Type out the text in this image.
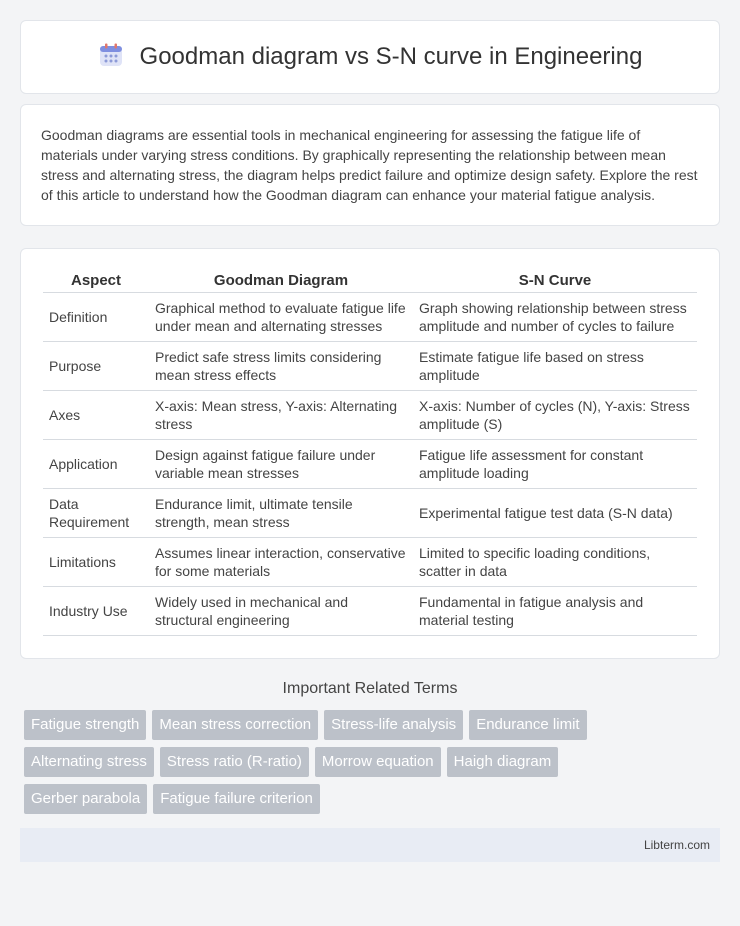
Goodman diagram vs S-N curve in Engineering

Goodman diagrams are essential tools in mechanical engineering for assessing the fatigue life of materials under varying stress conditions. By graphically representing the relationship between mean stress and alternating stress, the diagram helps predict failure and optimize design safety. Explore the rest of this article to understand how the Goodman diagram can enhance your material fatigue analysis.

Aspect	Goodman Diagram	S-N Curve
Definition	Graphical method to evaluate fatigue life under mean and alternating stresses	Graph showing relationship between stress amplitude and number of cycles to failure
Purpose	Predict safe stress limits considering mean stress effects	Estimate fatigue life based on stress amplitude
Axes	X-axis: Mean stress, Y-axis: Alternating stress	X-axis: Number of cycles (N), Y-axis: Stress amplitude (S)
Application	Design against fatigue failure under variable mean stresses	Fatigue life assessment for constant amplitude loading
Data Requirement	Endurance limit, ultimate tensile strength, mean stress	Experimental fatigue test data (S-N data)
Limitations	Assumes linear interaction, conservative for some materials	Limited to specific loading conditions, scatter in data
Industry Use	Widely used in mechanical and structural engineering	Fundamental in fatigue analysis and material testing
Important Related Terms
Fatigue strength	Mean stress correction	Stress-life analysis	Endurance limit
Alternating stress	Stress ratio (R-ratio)	Morrow equation	Haigh diagram
Gerber parabola	Fatigue failure criterion
Libterm.com
